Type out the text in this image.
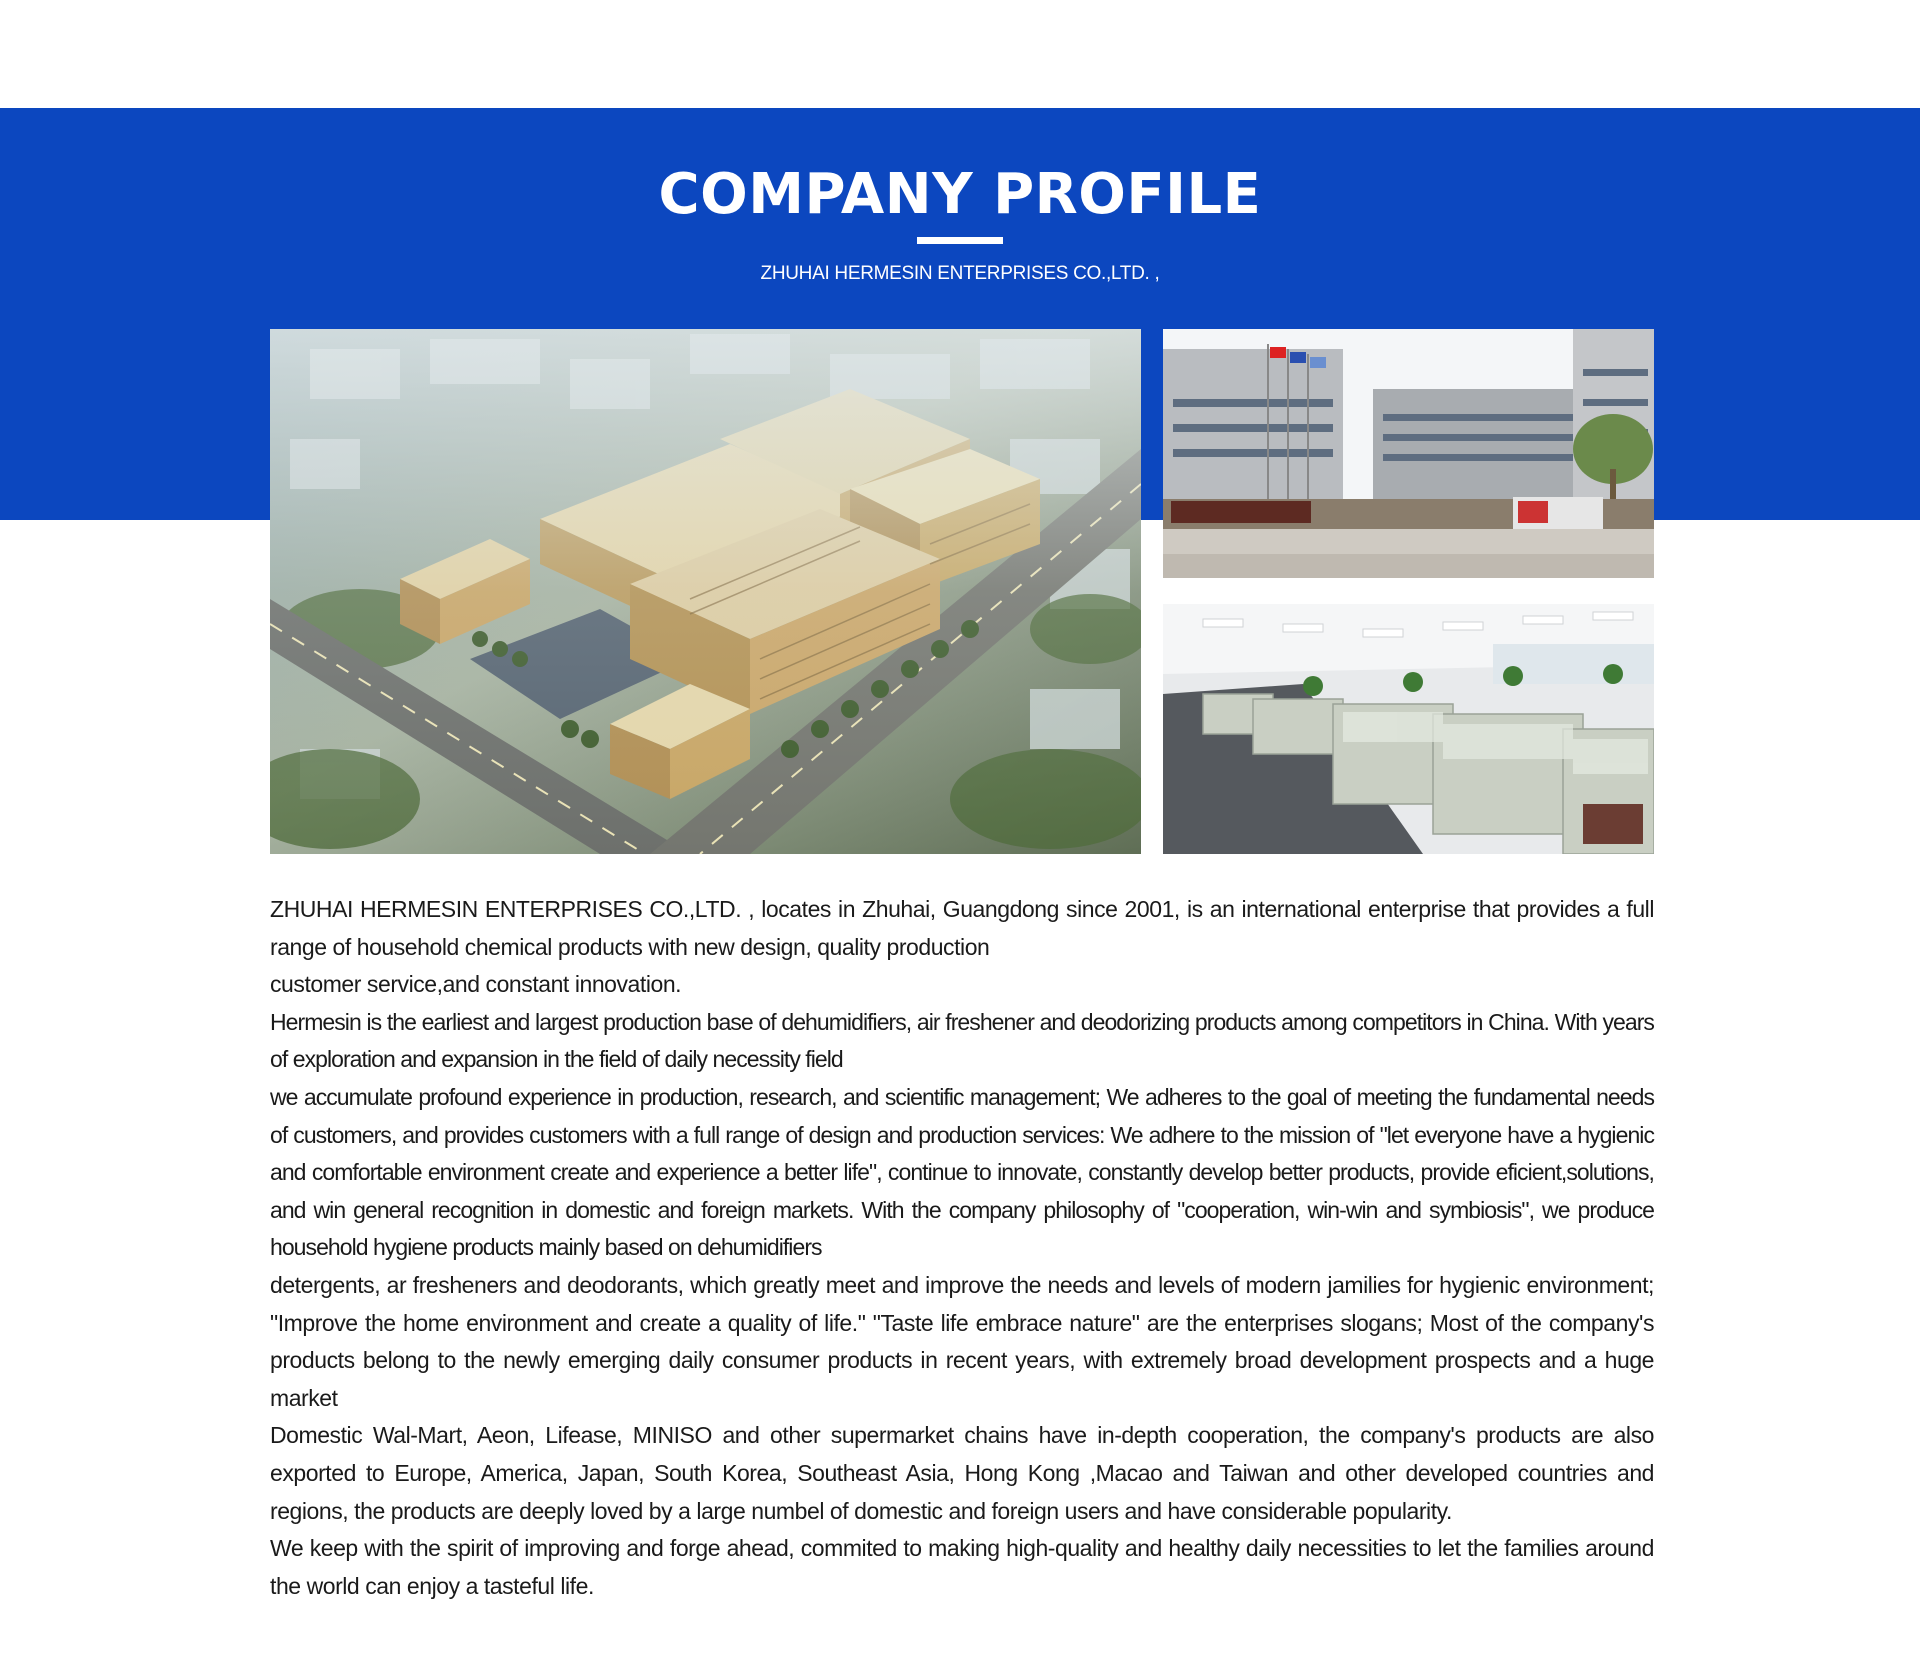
COMPANY PROFILE
ZHUHAI HERMESIN ENTERPRISES CO.,LTD. ,

ZHUHAI HERMESIN ENTERPRISES CO.,LTD. , locates in Zhuhai, Guangdong since 2001, is an international enterprise that provides a full range of household chemical products with new design, quality production

customer service,and constant innovation.

Hermesin is the earliest and largest production base of dehumidifiers, air freshener and deodorizing products among competitors in China. With years of exploration and expansion in the field of daily necessity field

we accumulate profound experience in production, research, and scientific management; We adheres to the goal of meeting the fundamental needs of customers, and provides customers with a full range of design and production services: We adhere to the mission of "let everyone have a hygienic and comfortable environment create and experience a better life", continue to innovate, constantly develop better products, provide eficient,solutions, and win general recognition in domestic and foreign markets. With the company philosophy of "cooperation, win-win and symbiosis", we produce household hygiene products mainly based on dehumidifiers

detergents, ar fresheners and deodorants, which greatly meet and improve the needs and levels of modern jamilies for hygienic environment; "Improve the home environment and create a quality of life." "Taste life embrace nature" are the enterprises slogans; Most of the company's products belong to the newly emerging daily consumer products in recent years, with extremely broad development prospects and a huge market

Domestic Wal-Mart, Aeon, Lifease, MINISO and other supermarket chains have in-depth cooperation, the company's products are also exported to Europe, America, Japan, South Korea, Southeast Asia, Hong Kong ,Macao and Taiwan and other developed countries and regions, the products are deeply loved by a large numbel of domestic and foreign users and have considerable popularity.

We keep with the spirit of improving and forge ahead, commited to making high-quality and healthy daily necessities to let the families around the world can enjoy a tasteful life.
